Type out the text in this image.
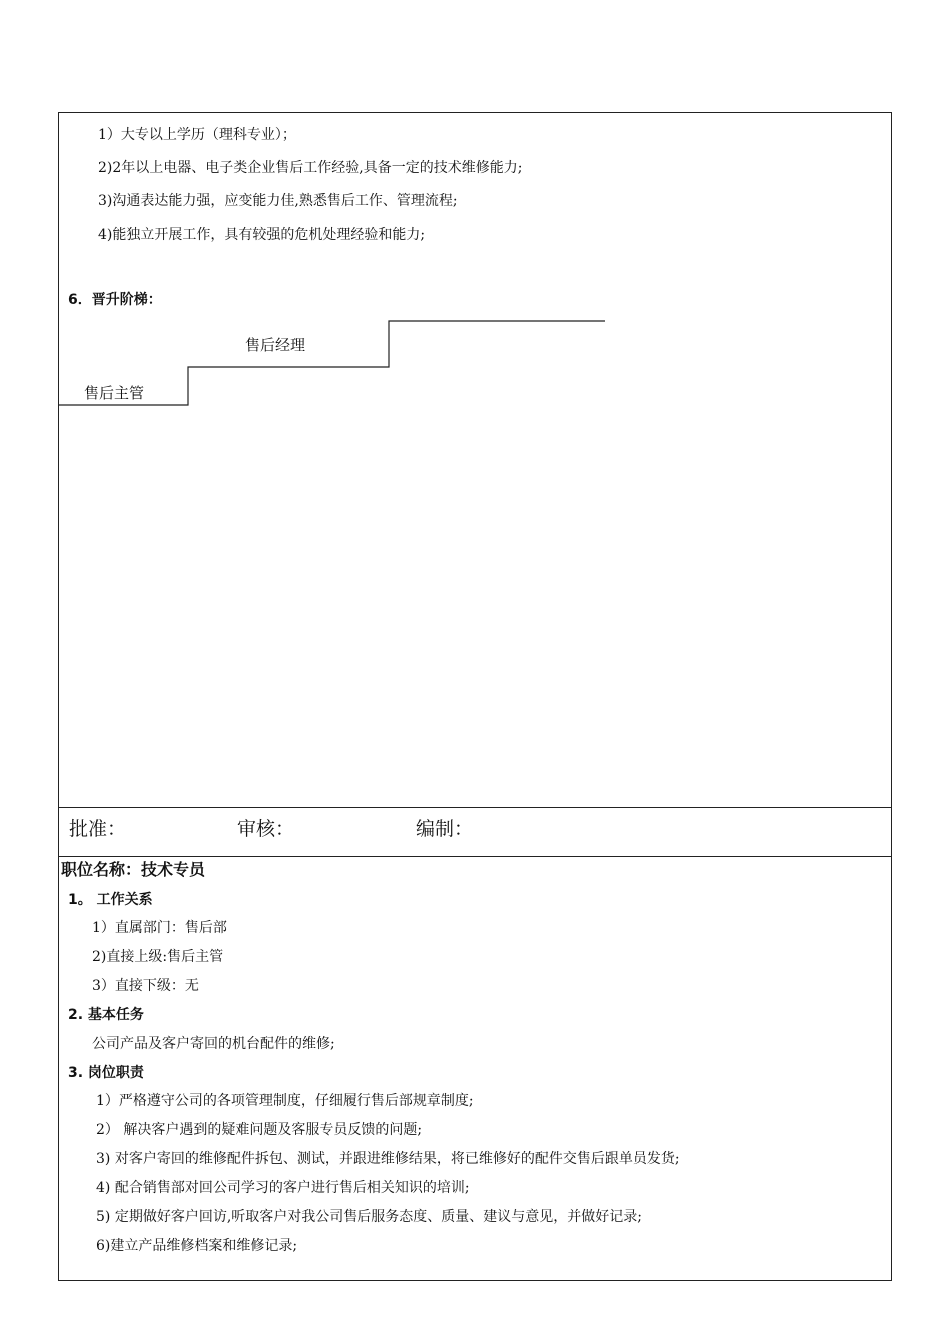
1）大专以上学历（理科专业）；
2)2年以上电器、电子类企业售后工作经验,具备一定的技术维修能力;
3)沟通表达能力强，应变能力佳,熟悉售后工作、管理流程;
4)能独立开展工作，具有较强的危机处理经验和能力;
6．晋升阶梯：
售后主管
售后经理
批准：	审核：	编制：
职位名称：技术专员
1。 工作关系
1）直属部门：售后部
2)直接上级:售后主管
3）直接下级：无
2. 基本任务
公司产品及客户寄回的机台配件的维修;
3. 岗位职责
1）严格遵守公司的各项管理制度，仔细履行售后部规章制度;
2） 解决客户遇到的疑难问题及客服专员反馈的问题;
3) 对客户寄回的维修配件拆包、测试，并跟进维修结果，将已维修好的配件交售后跟单员发货;
4) 配合销售部对回公司学习的客户进行售后相关知识的培训;
5) 定期做好客户回访,听取客户对我公司售后服务态度、质量、建议与意见，并做好记录;
6)建立产品维修档案和维修记录;
